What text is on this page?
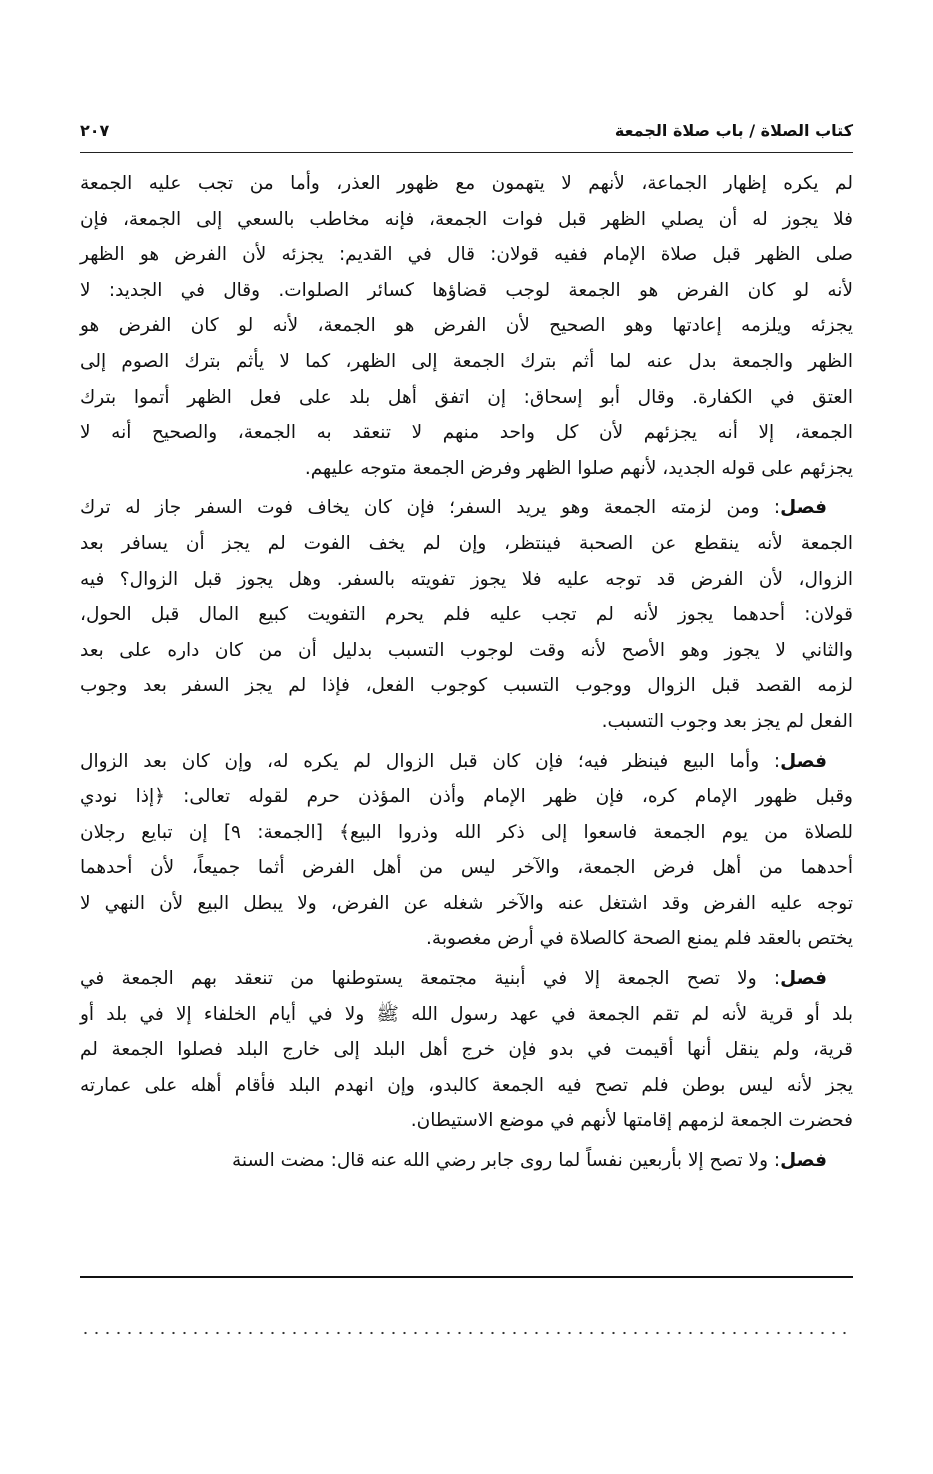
كتاب الصلاة / باب صلاة الجمعة
٢٠٧
لم يكره إظهار الجماعة، لأنهم لا يتهمون مع ظهور العذر، وأما من تجب عليه الجمعة
فلا يجوز له أن يصلي الظهر قبل فوات الجمعة، فإنه مخاطب بالسعي إلى الجمعة، فإن
صلى الظهر قبل صلاة الإمام ففيه قولان: قال في القديم: يجزئه لأن الفرض هو الظهر
لأنه لو كان الفرض هو الجمعة لوجب قضاؤها كسائر الصلوات. وقال في الجديد: لا
يجزئه ويلزمه إعادتها وهو الصحيح لأن الفرض هو الجمعة، لأنه لو كان الفرض هو
الظهر والجمعة بدل عنه لما أثم بترك الجمعة إلى الظهر، كما لا يأثم بترك الصوم إلى
العتق في الكفارة. وقال أبو إسحاق: إن اتفق أهل بلد على فعل الظهر أتموا بترك
الجمعة، إلا أنه يجزئهم لأن كل واحد منهم لا تنعقد به الجمعة، والصحيح أنه لا
يجزئهم على قوله الجديد، لأنهم صلوا الظهر وفرض الجمعة متوجه عليهم.
فصل: ومن لزمته الجمعة وهو يريد السفر؛ فإن كان يخاف فوت السفر جاز له ترك
الجمعة لأنه ينقطع عن الصحبة فينتظر، وإن لم يخف الفوت لم يجز أن يسافر بعد
الزوال، لأن الفرض قد توجه عليه فلا يجوز تفويته بالسفر. وهل يجوز قبل الزوال؟ فيه
قولان: أحدهما يجوز لأنه لم تجب عليه فلم يحرم التفويت كبيع المال قبل الحول،
والثاني لا يجوز وهو الأصح لأنه وقت لوجوب التسبب بدليل أن من كان داره على بعد
لزمه القصد قبل الزوال ووجوب التسبب كوجوب الفعل، فإذا لم يجز السفر بعد وجوب
الفعل لم يجز بعد وجوب التسبب.
فصل: وأما البيع فينظر فيه؛ فإن كان قبل الزوال لم يكره له، وإن كان بعد الزوال
وقبل ظهور الإمام كره، فإن ظهر الإمام وأذن المؤذن حرم لقوله تعالى: ﴿إذا نودي
للصلاة من يوم الجمعة فاسعوا إلى ذكر الله وذروا البيع﴾ [الجمعة: ٩] إن تبايع رجلان
أحدهما من أهل فرض الجمعة، والآخر ليس من أهل الفرض أثما جميعاً، لأن أحدهما
توجه عليه الفرض وقد اشتغل عنه والآخر شغله عن الفرض، ولا يبطل البيع لأن النهي لا
يختص بالعقد فلم يمنع الصحة كالصلاة في أرض مغصوبة.
فصل: ولا تصح الجمعة إلا في أبنية مجتمعة يستوطنها من تنعقد بهم الجمعة في
بلد أو قرية لأنه لم تقم الجمعة في عهد رسول الله ﷺ ولا في أيام الخلفاء إلا في بلد أو
قرية، ولم ينقل أنها أقيمت في بدو فإن خرج أهل البلد إلى خارج البلد فصلوا الجمعة لم
يجز لأنه ليس بوطن فلم تصح فيه الجمعة كالبدو، وإن انهدم البلد فأقام أهله على عمارته
فحضرت الجمعة لزمهم إقامتها لأنهم في موضع الاستيطان.
فصل: ولا تصح إلا بأربعين نفساً لما روى جابر رضي الله عنه قال: مضت السنة
